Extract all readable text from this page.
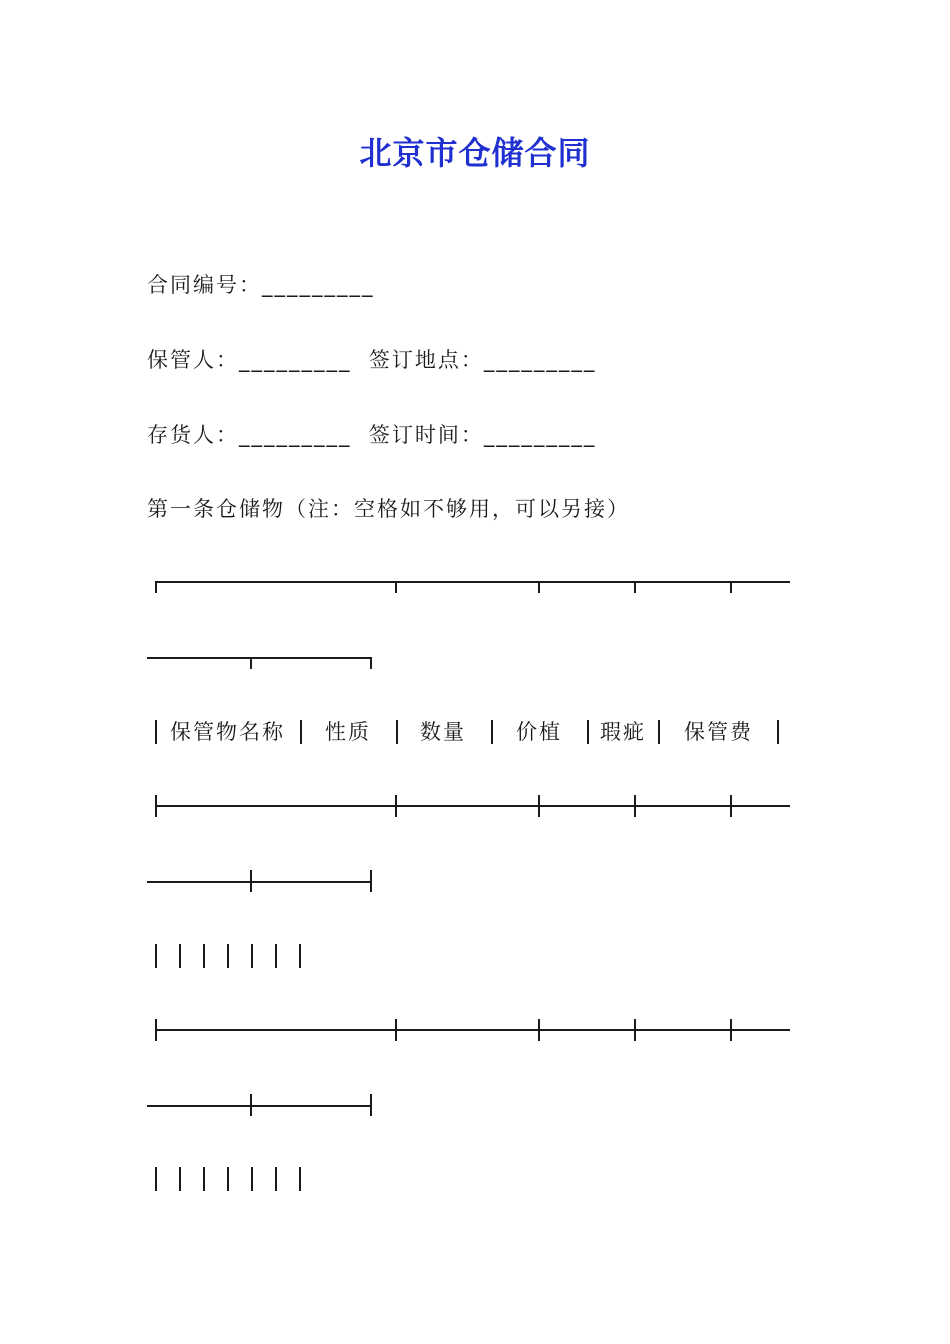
北京市仓储合同
合同编号：_________
保管人：_________  签订地点：_________
存货人：_________  签订时间：_________
第一条仓储物（注：空格如不够用，可以另接）
保管物名称 性质 数量 价植 瑕疵 保管费
